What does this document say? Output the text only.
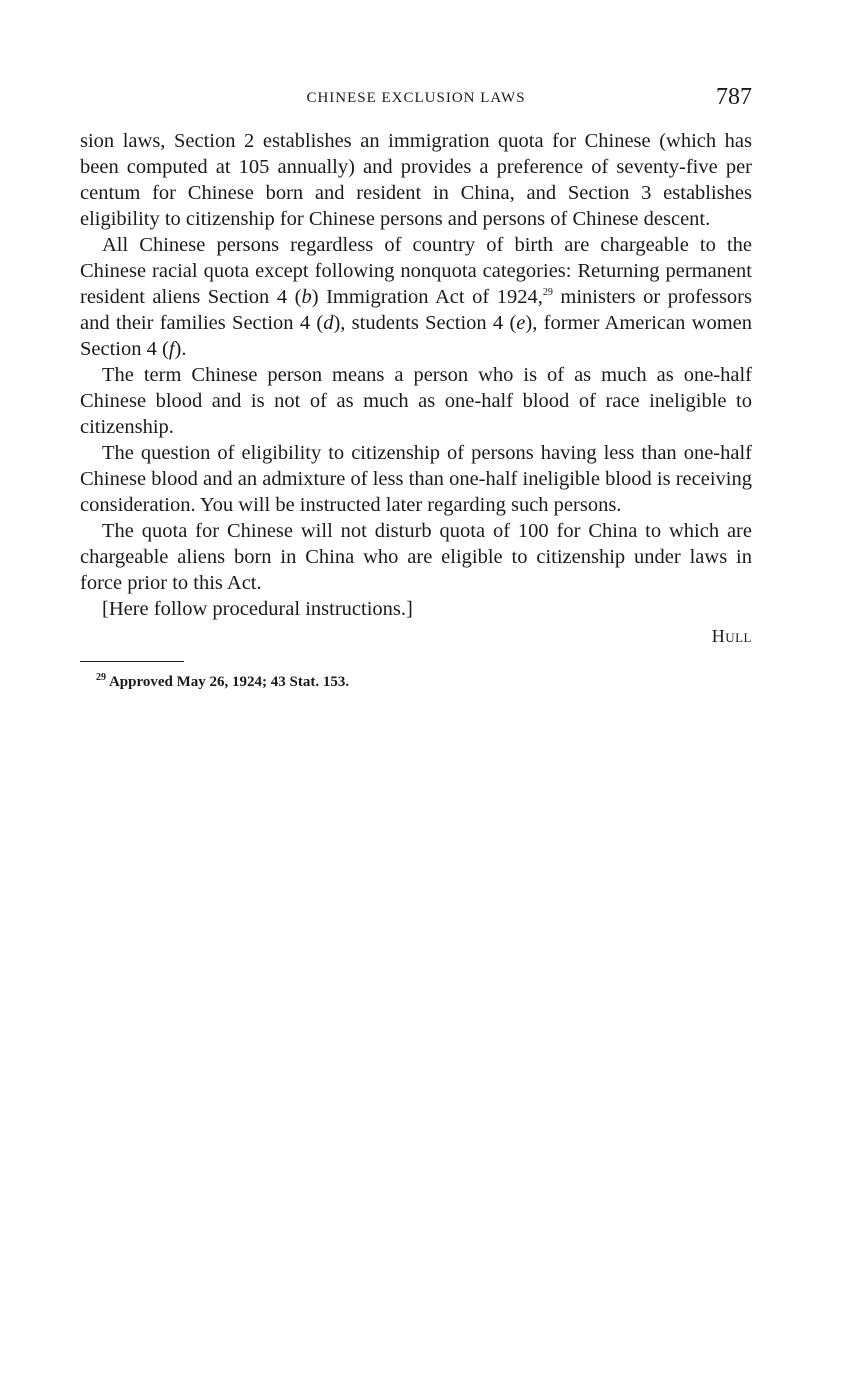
CHINESE EXCLUSION LAWS	787

sion laws, Section 2 establishes an immigration quota for Chinese (which has been computed at 105 annually) and provides a preference of seventy-five per centum for Chinese born and resident in China, and Section 3 establishes eligibility to citizenship for Chinese persons and persons of Chinese descent.

All Chinese persons regardless of country of birth are chargeable to the Chinese racial quota except following nonquota categories: Returning permanent resident aliens Section 4 (b) Immigration Act of 1924,29 ministers or professors and their families Section 4 (d), students Section 4 (e), former American women Section 4 (f).

The term Chinese person means a person who is of as much as one-half Chinese blood and is not of as much as one-half blood of race ineligible to citizenship.

The question of eligibility to citizenship of persons having less than one-half Chinese blood and an admixture of less than one-half ineligible blood is receiving consideration. You will be instructed later regarding such persons.

The quota for Chinese will not disturb quota of 100 for China to which are chargeable aliens born in China who are eligible to citizenship under laws in force prior to this Act.

[Here follow procedural instructions.]

Hull
$^{29}$ Approved May 26, 1924; 43 Stat. 153.
